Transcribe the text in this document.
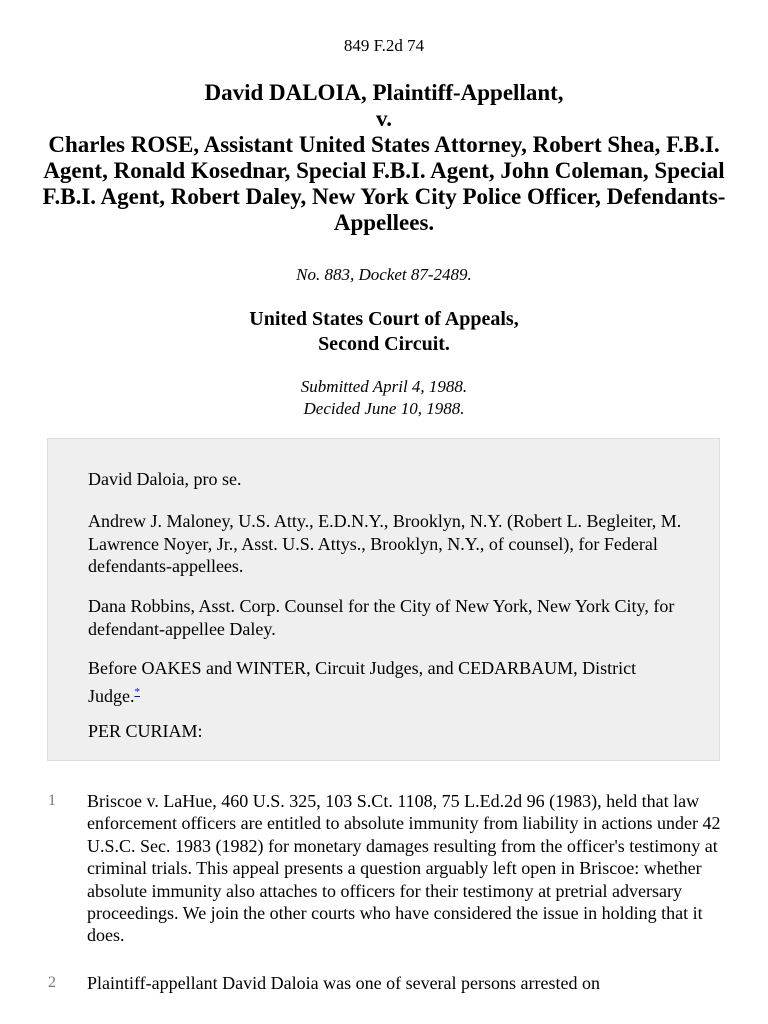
849 F.2d 74
David DALOIA, Plaintiff-Appellant,
v.
Charles ROSE, Assistant United States Attorney, Robert Shea, F.B.I. Agent, Ronald Kosednar, Special F.B.I. Agent, John Coleman, Special F.B.I. Agent, Robert Daley, New York City Police Officer, Defendants-Appellees.
No. 883, Docket 87-2489.
United States Court of Appeals,
Second Circuit.
Submitted April 4, 1988.
Decided June 10, 1988.

David Daloia, pro se.

Andrew J. Maloney, U.S. Atty., E.D.N.Y., Brooklyn, N.Y. (Robert L. Begleiter, M. Lawrence Noyer, Jr., Asst. U.S. Attys., Brooklyn, N.Y., of counsel), for Federal defendants-appellees.

Dana Robbins, Asst. Corp. Counsel for the City of New York, New York City, for defendant-appellee Daley.

Before OAKES and WINTER, Circuit Judges, and CEDARBAUM, District Judge.*

PER CURIAM:

1 Briscoe v. LaHue, 460 U.S. 325, 103 S.Ct. 1108, 75 L.Ed.2d 96 (1983), held that law enforcement officers are entitled to absolute immunity from liability in actions under 42 U.S.C. Sec. 1983 (1982) for monetary damages resulting from the officer's testimony at criminal trials. This appeal presents a question arguably left open in Briscoe: whether absolute immunity also attaches to officers for their testimony at pretrial adversary proceedings. We join the other courts who have considered the issue in holding that it does.

2 Plaintiff-appellant David Daloia was one of several persons arrested on
